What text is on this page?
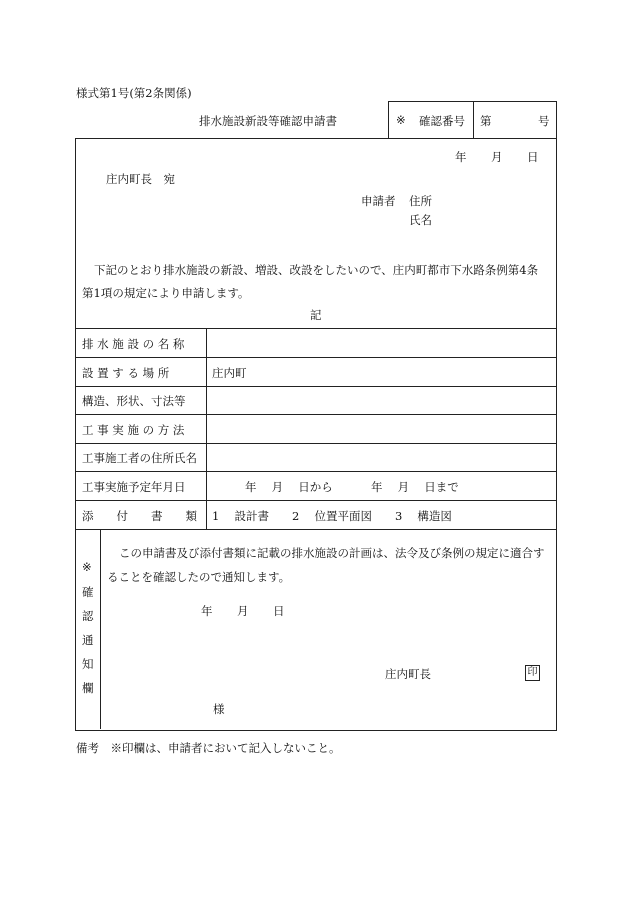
様式第1号(第2条関係)
排水施設新設等確認申請書	※ 確認番号 第	号
年 月 日
庄内町長　宛
申請者 住所
氏名
下記のとおり排水施設の新設、増設、改設をしたいので、庄内町都市下水路条例第4条
第1項の規定により申請します。
記
排 水 施 設 の 名 称
設 置 す る 場 所	庄内町
構造、形状、寸法等
工 事 実 施 の 方 法
工事施工者の住所氏名
工事実施予定年月日	年　 月　 日から　　　 年　 月　 日まで
添　　付　　書　　類 1　 設計書　　2　 位置平面図　　3　 構造図
※
確
認
通
知
欄
この申請書及び添付書類に記載の排水施設の計画は、法令及び条例の規定に適合す
ることを確認したので通知します。
年 月 日
庄内町長	印
様
備考　※印欄は、申請者において記入しないこと。
